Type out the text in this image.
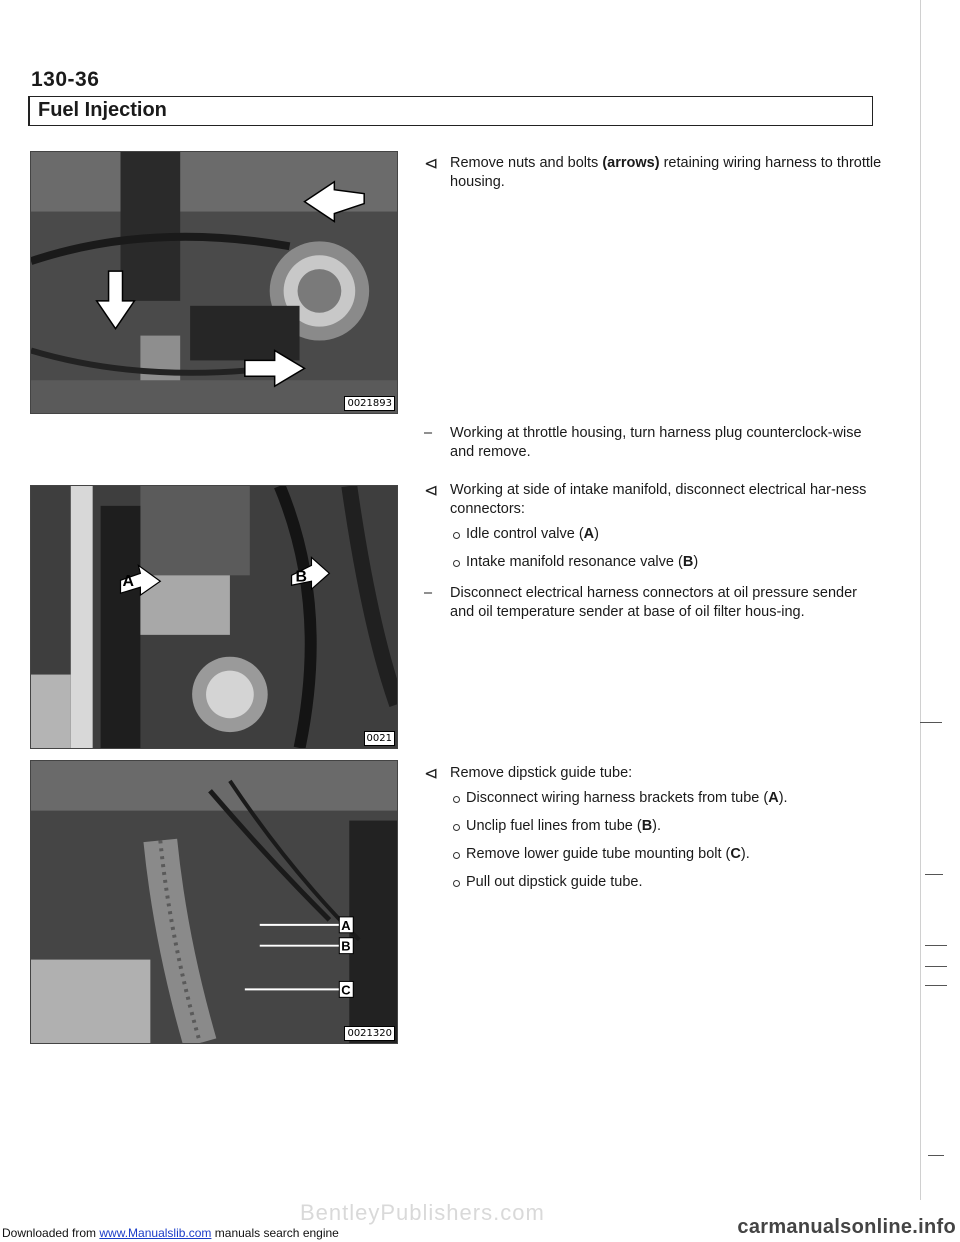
130-36
Fuel Injection
0021893
A	B
0021
A
B
C
0021320
⊲ Remove nuts and bolts (arrows) retaining wiring harness to throttle housing.
–	Working at throttle housing, turn harness plug counterclock-wise and remove.
⊲ Working at side of intake manifold, disconnect electrical har-ness connectors:
Idle control valve (A)
Intake manifold resonance valve (B)
–	Disconnect electrical harness connectors at oil pressure sender and oil temperature sender at base of oil filter hous-ing.
⊲ Remove dipstick guide tube:
Disconnect wiring harness brackets from tube (A).
Unclip fuel lines from tube (B).
Remove lower guide tube mounting bolt (C).
Pull out dipstick guide tube.
BentleyPublishers.com
Downloaded from www.Manualslib.com manuals search engine	carmanualsonline.info
